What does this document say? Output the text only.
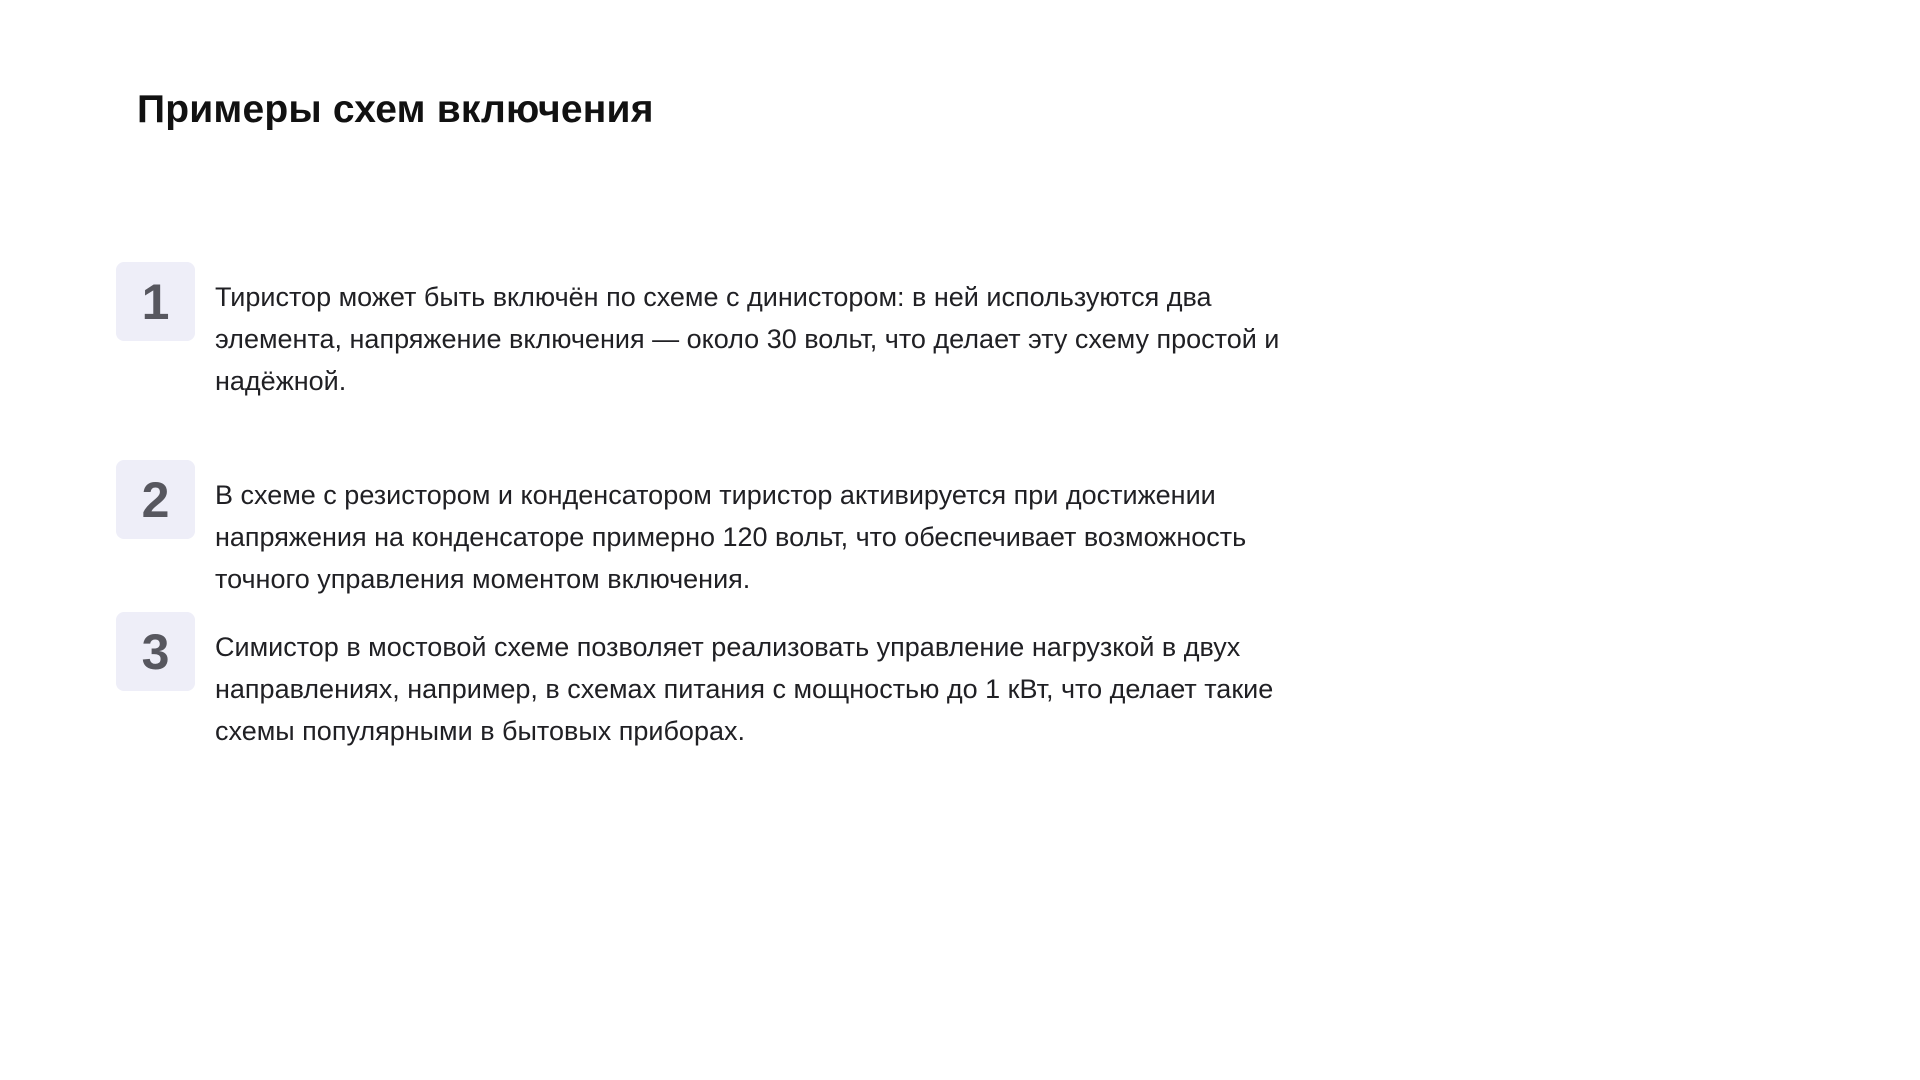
Примеры схем включения
1 Тиристор может быть включён по схеме с динистором: в ней используются два элемента, напряжение включения — около 30 вольт, что делает эту схему простой и надёжной.

2 В схеме с резистором и конденсатором тиристор активируется при достижении напряжения на конденсаторе примерно 120 вольт, что обеспечивает возможность точного управления моментом включения.

3 Симистор в мостовой схеме позволяет реализовать управление нагрузкой в двух направлениях, например, в схемах питания с мощностью до 1 кВт, что делает такие схемы популярными в бытовых приборах.
